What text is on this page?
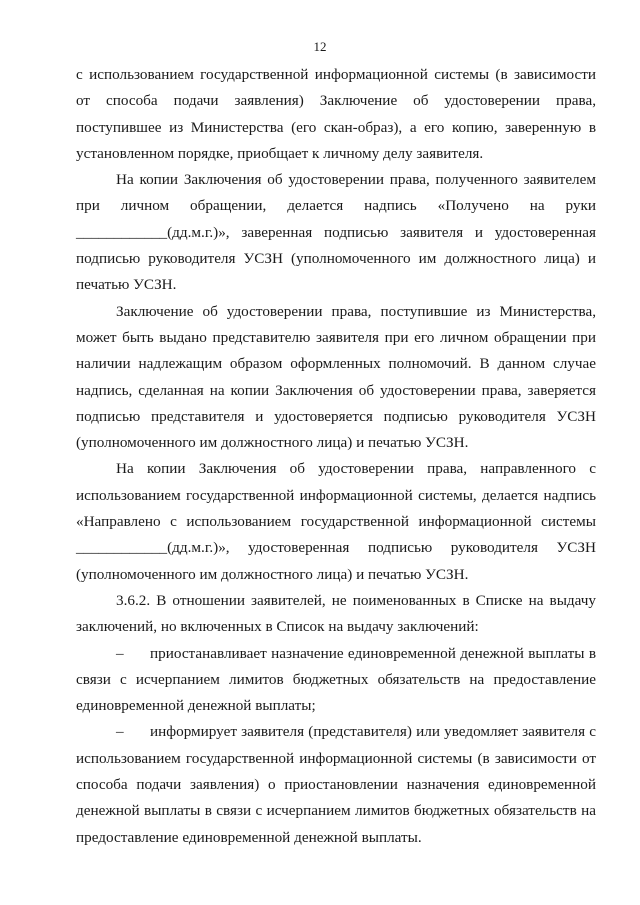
12

с использованием государственной информационной системы (в зависимости от способа подачи заявления) Заключение об удостоверении права, поступившее из Министерства (его скан-образ), а его копию, заверенную в установленном порядке, приобщает к личному делу заявителя.

На копии Заключения об удостоверении права, полученного заявителем при личном обращении, делается надпись «Получено на руки ____________(дд.м.г.)», заверенная подписью заявителя и удостоверенная подписью руководителя УСЗН (уполномоченного им должностного лица) и печатью УСЗН.

Заключение об удостоверении права, поступившие из Министерства, может быть выдано представителю заявителя при его личном обращении при наличии надлежащим образом оформленных полномочий. В данном случае надпись, сделанная на копии Заключения об удостоверении права, заверяется подписью представителя и удостоверяется подписью руководителя УСЗН (уполномоченного им должностного лица) и печатью УСЗН.

На копии Заключения об удостоверении права, направленного с использованием государственной информационной системы, делается надпись «Направлено с использованием государственной информационной системы ____________(дд.м.г.)», удостоверенная подписью руководителя УСЗН (уполномоченного им должностного лица) и печатью УСЗН.

3.6.2. В отношении заявителей, не поименованных в Списке на выдачу заключений, но включенных в Список на выдачу заключений:

– приостанавливает назначение единовременной денежной выплаты в связи с исчерпанием лимитов бюджетных обязательств на предоставление единовременной денежной выплаты;

– информирует заявителя (представителя) или уведомляет заявителя с использованием государственной информационной системы (в зависимости от способа подачи заявления) о приостановлении назначения единовременной денежной выплаты в связи с исчерпанием лимитов бюджетных обязательств на предоставление единовременной денежной выплаты.
